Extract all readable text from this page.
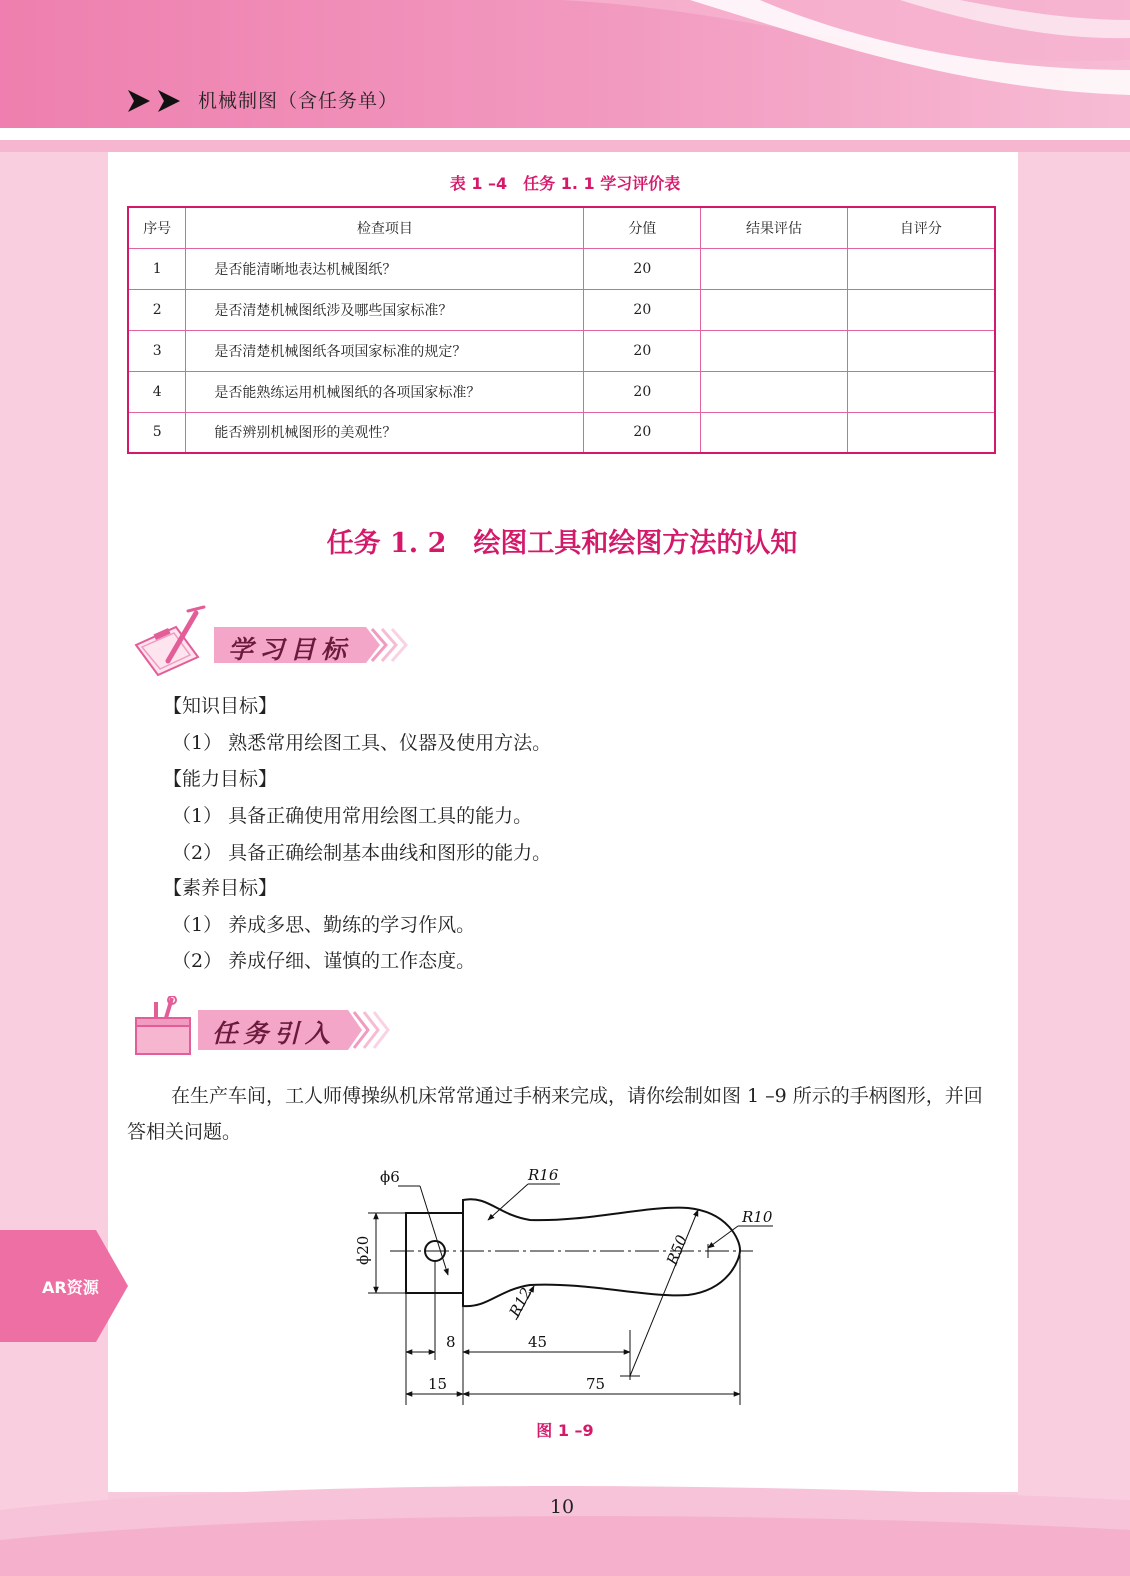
机械制图（含任务单）
表 1 –4　任务 1. 1 学习评价表
序号	检查项目	分值	结果评估	自评分
1	是否能清晰地表达机械图纸？	20		
2	是否清楚机械图纸涉及哪些国家标准？	20		
3	是否清楚机械图纸各项国家标准的规定？	20		
4	是否能熟练运用机械图纸的各项国家标准？	20		
5	能否辨别机械图形的美观性？	20		
任务 1. 2　绘图工具和绘图方法的认知
学习目标
【知识目标】
（1） 熟悉常用绘图工具、仪器及使用方法。
【能力目标】
（1） 具备正确使用常用绘图工具的能力。
（2） 具备正确绘制基本曲线和图形的能力。
【素养目标】
（1） 养成多思、勤练的学习作风。
（2） 养成仔细、谨慎的工作态度。
任务引入
在生产车间，工人师傅操纵机床常常通过手柄来完成，请你绘制如图 1 –9 所示的手柄图形，并回答相关问题。
AR资源
ϕ6	R16
R10
ϕ20	R50
R12
8	45
15	75
图 1 –9
10
